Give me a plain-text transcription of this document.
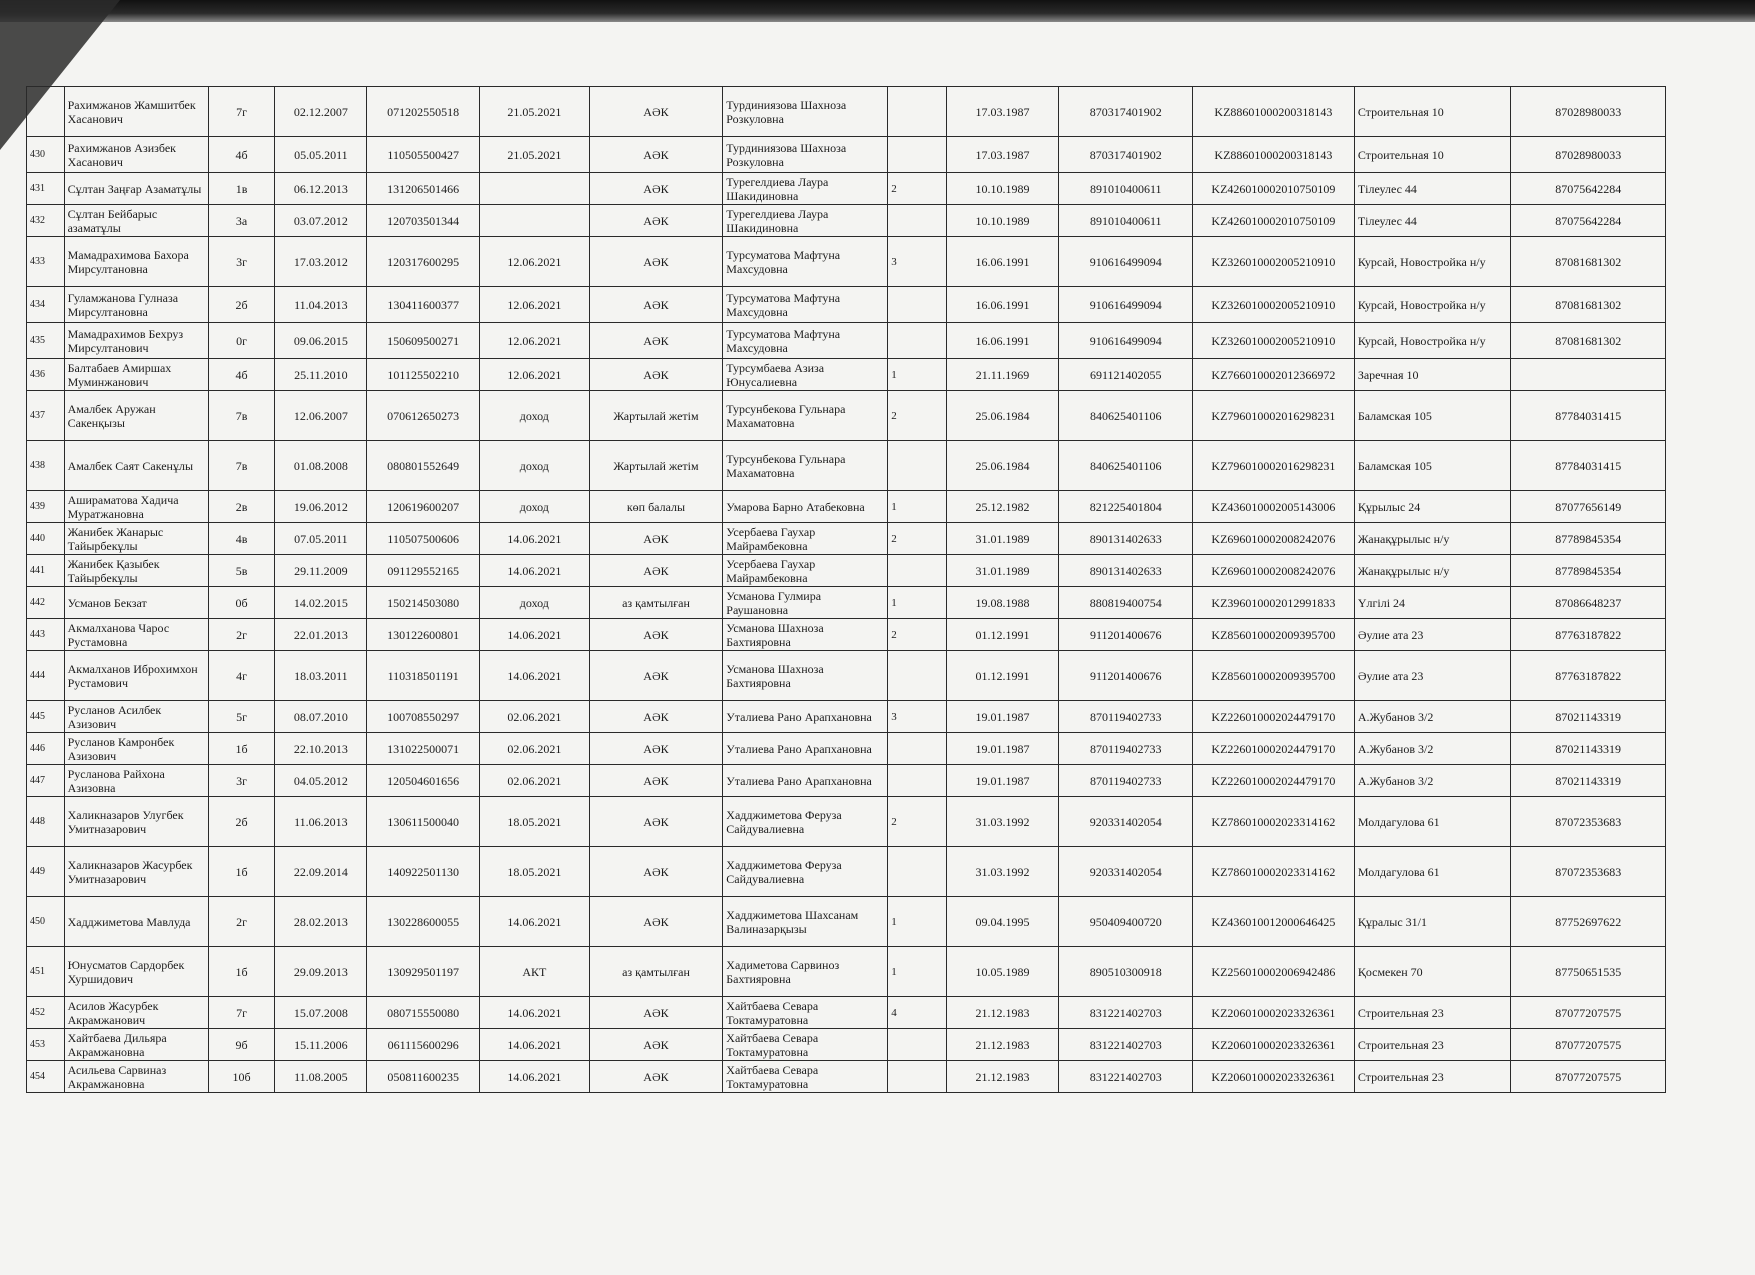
	Рахимжанов Жамшитбек Хасанович	7г	02.12.2007	071202550518	21.05.2021	АӘК	Турдиниязова Шахноза Розкуловна		17.03.1987	870317401902	KZ88601000200318143	Строительная 10	87028980033
430	Рахимжанов Азизбек Хасанович	4б	05.05.2011	110505500427	21.05.2021	АӘК	Турдиниязова Шахноза Розкуловна		17.03.1987	870317401902	KZ88601000200318143	Строительная 10	87028980033
431	Сұлтан Заңғар Азаматұлы	1в	06.12.2013	131206501466		АӘК	Турегелдиева Лаура Шакидиновна	2	10.10.1989	891010400611	KZ426010002010750109	Тілеулес 44	87075642284
432	Сұлтан Бейбарыс азаматұлы	3а	03.07.2012	120703501344		АӘК	Турегелдиева Лаура Шакидиновна		10.10.1989	891010400611	KZ426010002010750109	Тілеулес 44	87075642284
433	Мамадрахимова Бахора Мирсултановна	3г	17.03.2012	120317600295	12.06.2021	АӘК	Турсуматова Мафтуна Махсудовна	3	16.06.1991	910616499094	KZ326010002005210910	Курсай, Новостройка н/у	87081681302
434	Гуламжанова Гулназа Мирсултановна	2б	11.04.2013	130411600377	12.06.2021	АӘК	Турсуматова Мафтуна Махсудовна		16.06.1991	910616499094	KZ326010002005210910	Курсай, Новостройка н/у	87081681302
435	Мамадрахимов Бехруз Мирсултанович	0г	09.06.2015	150609500271	12.06.2021	АӘК	Турсуматова Мафтуна Махсудовна		16.06.1991	910616499094	KZ326010002005210910	Курсай, Новостройка н/у	87081681302
436	Балтабаев Амиршах Муминжанович	4б	25.11.2010	101125502210	12.06.2021	АӘК	Турсумбаева Азиза Юнусалиевна	1	21.11.1969	691121402055	KZ766010002012366972	Заречная 10	
437	Амалбек Аружан Сакенқызы	7в	12.06.2007	070612650273	доход	Жартылай жетім	Турсунбекова Гульнара Махаматовна	2	25.06.1984	840625401106	KZ796010002016298231	Баламская 105	87784031415
438	Амалбек Саят Сакенұлы	7в	01.08.2008	080801552649	доход	Жартылай жетім	Турсунбекова Гульнара Махаматовна		25.06.1984	840625401106	KZ796010002016298231	Баламская 105	87784031415
439	Ашираматова Хадича Муратжановна	2в	19.06.2012	120619600207	доход	көп балалы	Умарова Барно Атабековна	1	25.12.1982	821225401804	KZ436010002005143006	Құрылыс 24	87077656149
440	Жанибек Жанарыс Тайырбекұлы	4в	07.05.2011	110507500606	14.06.2021	АӘК	Усербаева Гаухар Майрамбековна	2	31.01.1989	890131402633	KZ696010002008242076	Жанақұрылыс н/у	87789845354
441	Жанибек Қазыбек Тайырбекұлы	5в	29.11.2009	091129552165	14.06.2021	АӘК	Усербаева Гаухар Майрамбековна		31.01.1989	890131402633	KZ696010002008242076	Жанақұрылыс н/у	87789845354
442	Усманов Бекзат	0б	14.02.2015	150214503080	доход	аз қамтылған	Усманова Гулмира Раушановна	1	19.08.1988	880819400754	KZ396010002012991833	Үлгілі 24	87086648237
443	Акмалханова Чарос Рустамовна	2г	22.01.2013	130122600801	14.06.2021	АӘК	Усманова Шахноза Бахтияровна	2	01.12.1991	911201400676	KZ856010002009395700	Әулие ата 23	87763187822
444	Акмалханов Иброхимхон Рустамович	4г	18.03.2011	110318501191	14.06.2021	АӘК	Усманова Шахноза Бахтияровна		01.12.1991	911201400676	KZ856010002009395700	Әулие ата 23	87763187822
445	Русланов Асилбек Азизович	5г	08.07.2010	100708550297	02.06.2021	АӘК	Уталиева Рано Арапхановна	3	19.01.1987	870119402733	KZ226010002024479170	А.Жубанов 3/2	87021143319
446	Русланов Камронбек Азизович	1б	22.10.2013	131022500071	02.06.2021	АӘК	Уталиева Рано Арапхановна		19.01.1987	870119402733	KZ226010002024479170	А.Жубанов 3/2	87021143319
447	Русланова Райхона Азизовна	3г	04.05.2012	120504601656	02.06.2021	АӘК	Уталиева Рано Арапхановна		19.01.1987	870119402733	KZ226010002024479170	А.Жубанов 3/2	87021143319
448	Халикназаров Улугбек Умитназарович	2б	11.06.2013	130611500040	18.05.2021	АӘК	Хадджиметова Феруза Сайдувалиевна	2	31.03.1992	920331402054	KZ786010002023314162	Молдагулова 61	87072353683
449	Халикназаров Жасурбек Умитназарович	1б	22.09.2014	140922501130	18.05.2021	АӘК	Хадджиметова Феруза Сайдувалиевна		31.03.1992	920331402054	KZ786010002023314162	Молдагулова 61	87072353683
450	Хадджиметова Мавлуда	2г	28.02.2013	130228600055	14.06.2021	АӘК	Хадджиметова Шахсанам Валиназарқызы	1	09.04.1995	950409400720	KZ436010012000646425	Құралыс 31/1	87752697622
451	Юнусматов Сардорбек Хуршидович	1б	29.09.2013	130929501197	АКТ	аз қамтылған	Хадиметова Сарвиноз Бахтияровна	1	10.05.1989	890510300918	KZ256010002006942486	Қосмекен 70	87750651535
452	Асилов Жасурбек Акрамжанович	7г	15.07.2008	080715550080	14.06.2021	АӘК	Хайтбаева Севара Токтамуратовна	4	21.12.1983	831221402703	KZ206010002023326361	Строительная 23	87077207575
453	Хайтбаева Дильяра Акрамжановна	9б	15.11.2006	061115600296	14.06.2021	АӘК	Хайтбаева Севара Токтамуратовна		21.12.1983	831221402703	KZ206010002023326361	Строительная 23	87077207575
454	Асильева Сарвиназ Акрамжановна	10б	11.08.2005	050811600235	14.06.2021	АӘК	Хайтбаева Севара Токтамуратовна		21.12.1983	831221402703	KZ206010002023326361	Строительная 23	87077207575
